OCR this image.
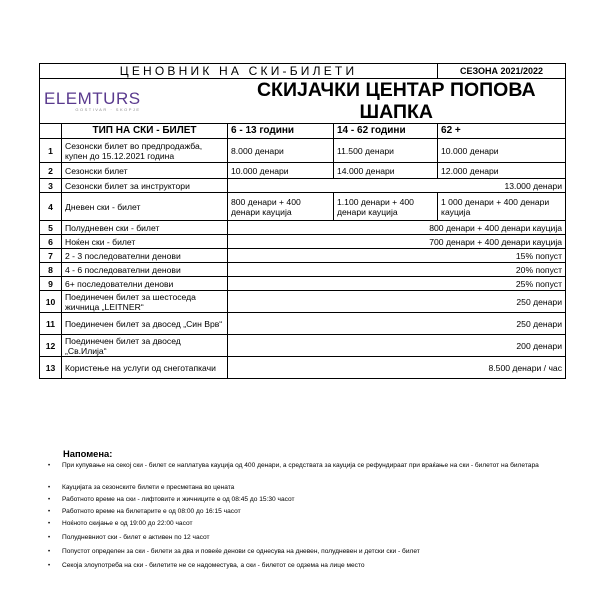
ЦЕНОВНИК НА СКИ-БИЛЕТИ				СЕЗОНА 2021/2022

ELEMTURS
GOSTIVAR · SKOPJE		СКИЈАЧКИ ЦЕНТАР ПОПОВА ШАПКА		
	ТИП НА СКИ - БИЛЕТ	6 - 13 години	14 - 62 години	62 +
1	Сезонски билет во предпродажба, купен до 15.12.2021 година	8.000 денари	11.500 денари	10.000 денари
2	Сезонски билет	10.000 денари	14.000 денари	12.000 денари
3	Сезонски билет за инструктори	13.000 денари		
4	Дневен ски - билет	800 денари + 400 денари кауција	1.100 денари + 400 денари кауција	1 000 денари + 400 денари кауција
5	Полудневен ски - билет	800 денари + 400 денари кауција		
6	Ноќен ски - билет	700 денари + 400 денари кауција		
7	2 - 3 последователни денови	15% попуст		
8	4 - 6 последователни денови	20% попуст		
9	6+ последователни денови	25% попуст		
10	Поединечен билет за шестоседа жичница „LEITNER“	250 денари		
11	Поединечен билет за двосед „Син Врв“	250 денари		
12	Поединечен билет за двосед „Св.Илија“	200 денари		
13	Користење на услуги од снеготапкачи	8.500 денари / час		
Напомена:
• При купување на секој ски - билет се наплатува кауција од 400 денари, а средствата за кауција се рефундираат при враќање на ски - билетот на билетара
• Кауцијата за сезонските билети е пресметана во цената
• Работното време на ски - лифтовите и жичниците е од 08:45 до 15:30 часот
• Работното време на билетарите е од 08:00 до 16:15 часот
• Ноќното скијање е од 19:00 до 22:00 часот
• Полудневниот ски - билет е активен по 12 часот
• Попустот определен за ски - билети за два и повеќе денови се однесува на дневен, полудневен и детски ски - билет
• Секоја злоупотреба на ски - билетите не се надоместува, а ски - билетот се одзема на лице место
